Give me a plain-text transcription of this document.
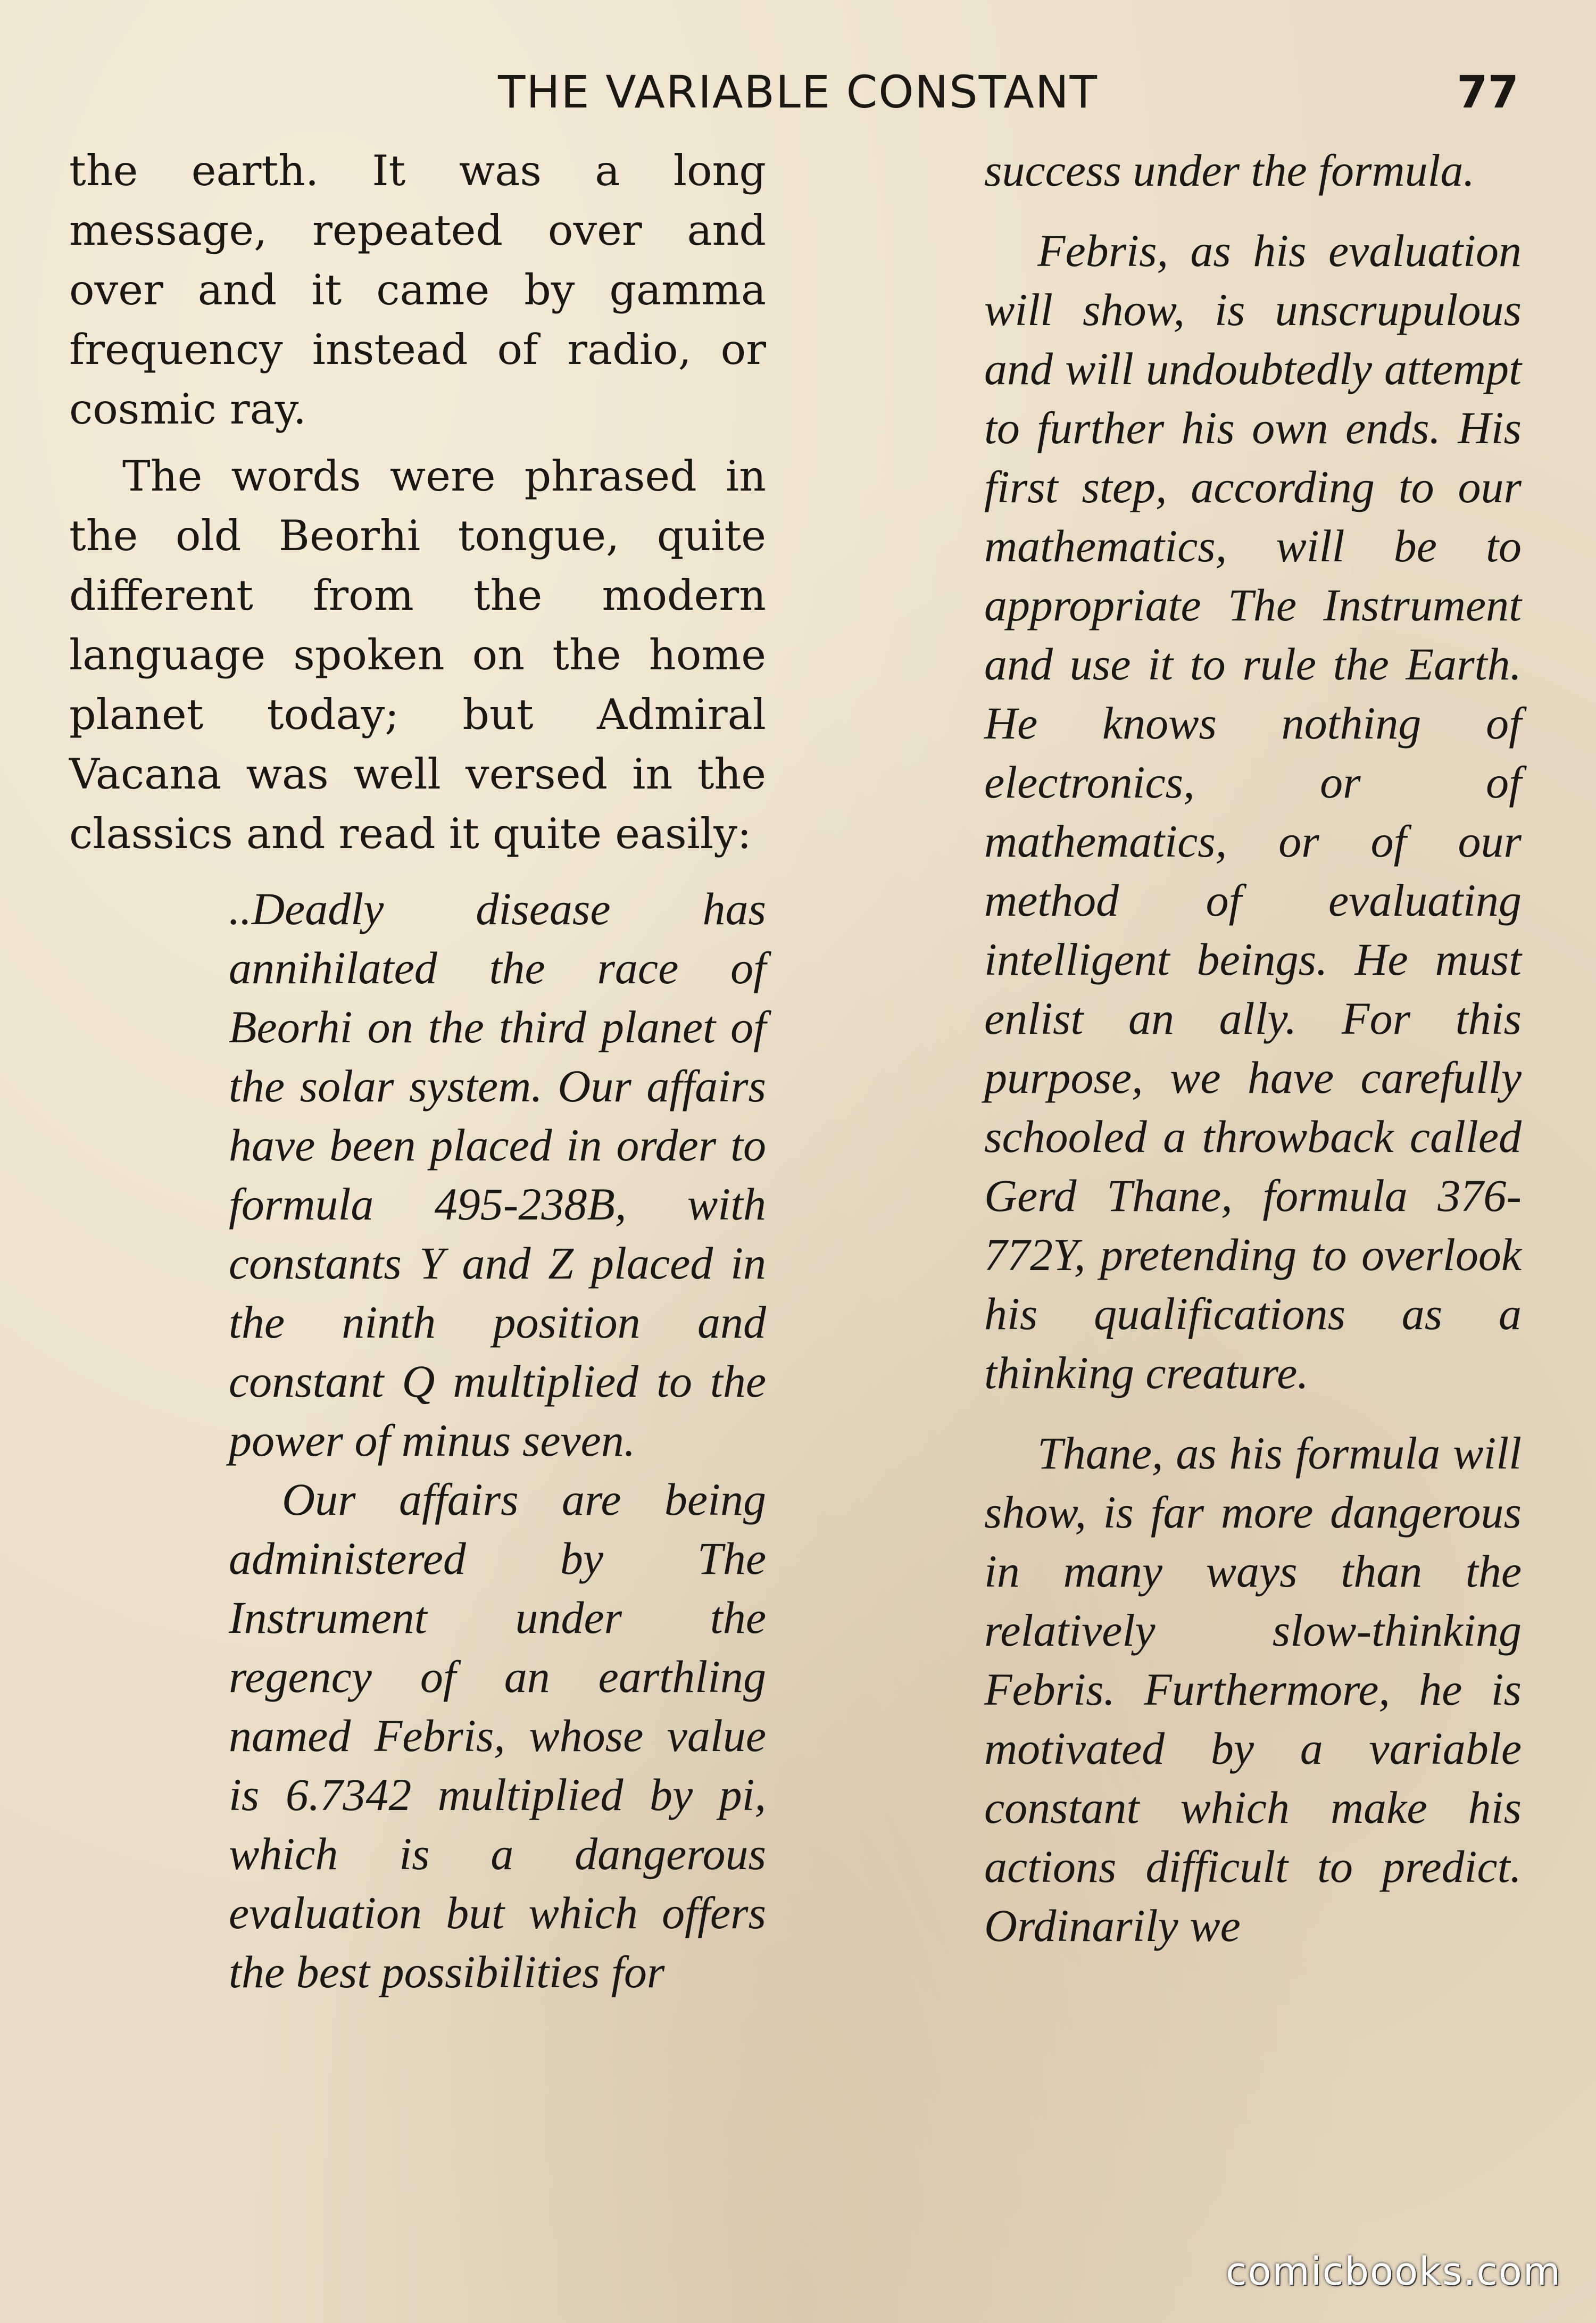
THE VARIABLE CONSTANT	77

the earth. It was a long message, repeated over and over and it came by gamma frequency instead of radio, or cosmic ray.

The words were phrased in the old Beorhi tongue, quite different from the modern language spoken on the home planet today; but Admiral Vacana was well versed in the classics and read it quite easily:

..Deadly disease has annihilated the race of Beorhi on the third planet of the solar system. Our affairs have been placed in order to formula 495-238B, with constants Y and Z placed in the ninth position and constant Q multiplied to the power of minus seven.

Our affairs are being administered by The Instrument under the regency of an earthling named Febris, whose value is 6.7342 multiplied by pi, which is a dangerous evaluation but which offers the best possibilities for

success under the formula.

Febris, as his evaluation will show, is unscrupulous and will undoubtedly attempt to further his own ends. His first step, according to our mathematics, will be to appropriate The Instrument and use it to rule the Earth. He knows nothing of electronics, or of mathematics, or of our method of evaluating intelligent beings. He must enlist an ally. For this purpose, we have carefully schooled a throwback called Gerd Thane, formula 376-772Y, pretending to overlook his qualifications as a thinking creature.

Thane, as his formula will show, is far more dangerous in many ways than the relatively slow-thinking Febris. Furthermore, he is motivated by a variable constant which make his actions difficult to predict. Ordinarily we

comicbooks.com
